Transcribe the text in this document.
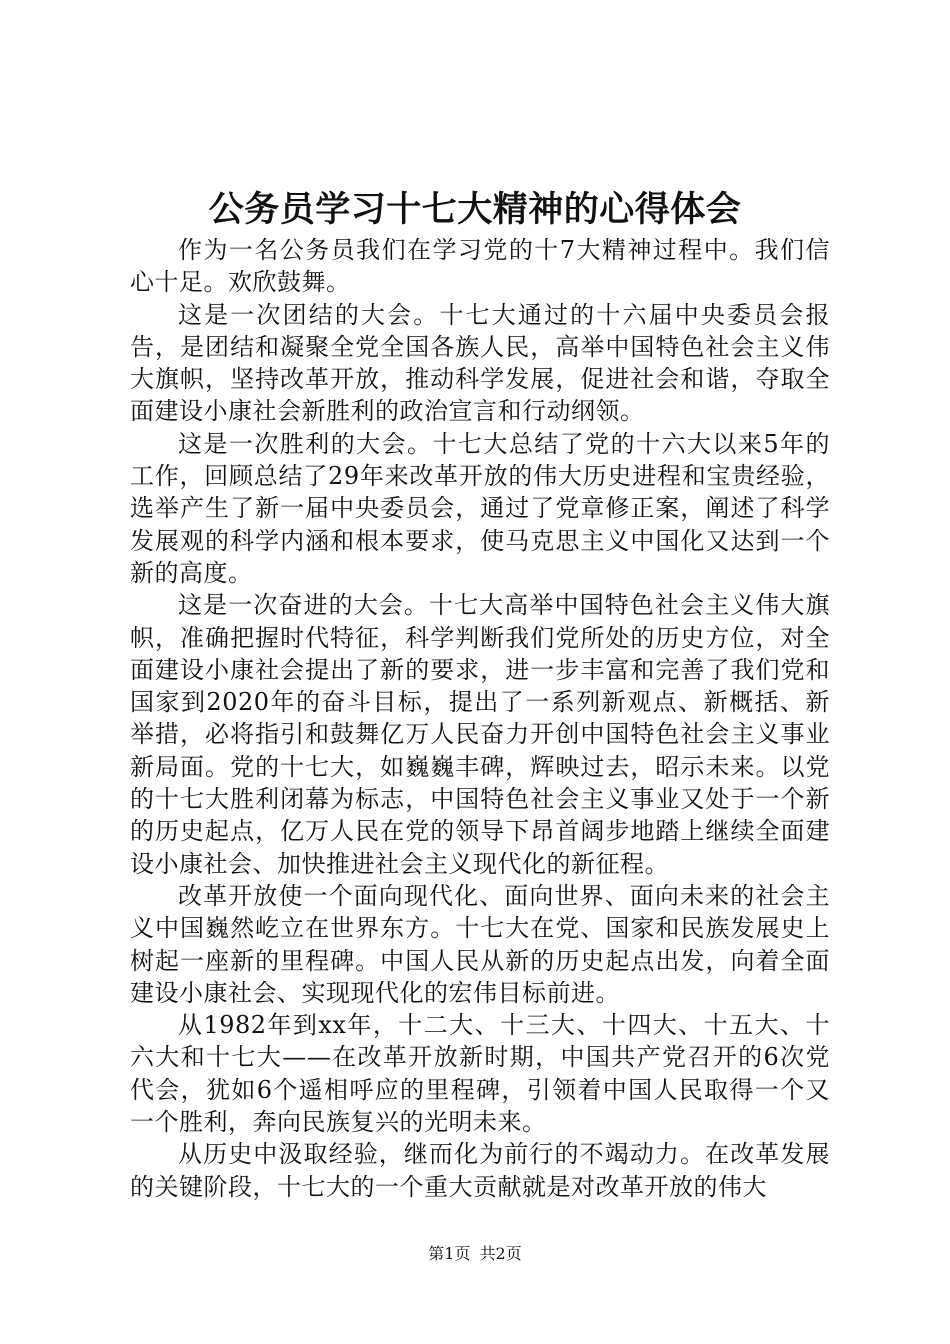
公务员学习十七大精神的心得体会

作为一名公务员我们在学习党的十7大精神过程中。我们信心十足。欢欣鼓舞。

这是一次团结的大会。十七大通过的十六届中央委员会报告，是团结和凝聚全党全国各族人民，高举中国特色社会主义伟大旗帜，坚持改革开放，推动科学发展，促进社会和谐，夺取全面建设小康社会新胜利的政治宣言和行动纲领。

这是一次胜利的大会。十七大总结了党的十六大以来5年的工作，回顾总结了29年来改革开放的伟大历史进程和宝贵经验，选举产生了新一届中央委员会，通过了党章修正案，阐述了科学发展观的科学内涵和根本要求，使马克思主义中国化又达到一个新的高度。

这是一次奋进的大会。十七大高举中国特色社会主义伟大旗帜，准确把握时代特征，科学判断我们党所处的历史方位，对全面建设小康社会提出了新的要求，进一步丰富和完善了我们党和国家到2020年的奋斗目标，提出了一系列新观点、新概括、新举措，必将指引和鼓舞亿万人民奋力开创中国特色社会主义事业新局面。党的十七大，如巍巍丰碑，辉映过去，昭示未来。以党的十七大胜利闭幕为标志，中国特色社会主义事业又处于一个新的历史起点，亿万人民在党的领导下昂首阔步地踏上继续全面建设小康社会、加快推进社会主义现代化的新征程。

改革开放使一个面向现代化、面向世界、面向未来的社会主义中国巍然屹立在世界东方。十七大在党、国家和民族发展史上树起一座新的里程碑。中国人民从新的历史起点出发，向着全面建设小康社会、实现现代化的宏伟目标前进。

从1982年到xx年，十二大、十三大、十四大、十五大、十六大和十七大——在改革开放新时期，中国共产党召开的6次党代会，犹如6个遥相呼应的里程碑，引领着中国人民取得一个又一个胜利，奔向民族复兴的光明未来。

从历史中汲取经验，继而化为前行的不竭动力。在改革发展的关键阶段，十七大的一个重大贡献就是对改革开放的伟大

第1页 共2页
